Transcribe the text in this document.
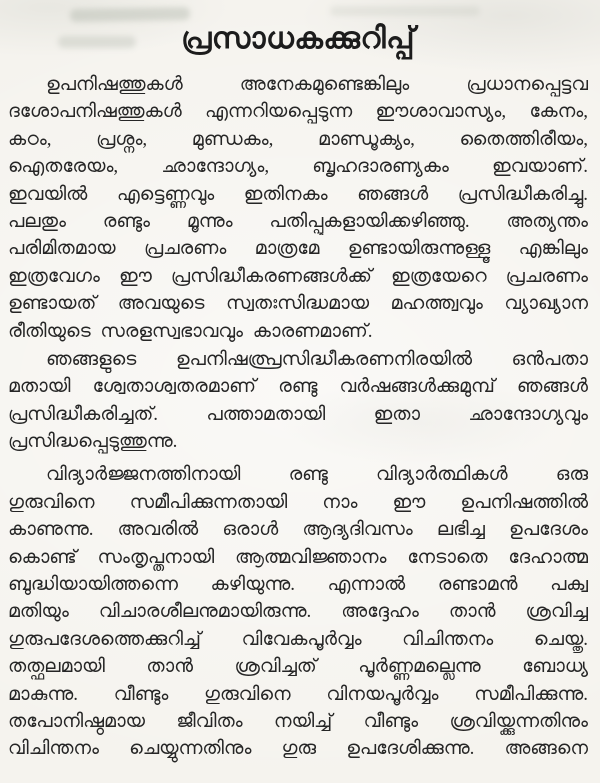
പ്രസാധകക്കുറിപ്പ്
ഉപനിഷത്തുകൾ അനേകമുണ്ടെങ്കിലും പ്രധാനപ്പെട്ടവ
ദശോപനിഷത്തുകൾ എന്നറിയപ്പെടുന്ന ഈശാവാസ്യം, കേനം,
കഠം, പ്രശ്നം, മുണ്ഡകം, മാണ്ഡൂക്യം, തൈത്തിരീയം,
ഐതരേയം, ഛാന്ദോഗ്യം, ബൃഹദാരണ്യകം ഇവയാണ്.
ഇവയിൽ എട്ടെണ്ണവും ഇതിനകം ഞങ്ങൾ പ്രസിദ്ധീകരിച്ചു.
പലതും രണ്ടും മൂന്നും പതിപ്പുകളായിക്കഴിഞ്ഞു. അത്യന്തം
പരിമിതമായ പ്രചരണം മാത്രമേ ഉണ്ടായിരുന്നുള്ളൂ എങ്കിലും
ഇത്രവേഗം ഈ പ്രസിദ്ധീകരണങ്ങൾക്ക് ഇത്രയേറെ പ്രചരണം
ഉണ്ടായത് അവയുടെ സ്വതഃസിദ്ധമായ മഹത്ത്വവും വ്യാഖ്യാന
രീതിയുടെ സരളസ്വഭാവവും കാരണമാണ്.
ഞങ്ങളുടെ ഉപനിഷത്പ്രസിദ്ധീകരണനിരയിൽ ഒൻപതാ
മതായി ശ്വേതാശ്വതരമാണ് രണ്ടു വർഷങ്ങൾക്കുമുമ്പ് ഞങ്ങൾ
പ്രസിദ്ധീകരിച്ചത്. പത്താമതായി ഇതാ ഛാന്ദോഗ്യവും
പ്രസിദ്ധപ്പെടുത്തുന്നു.
വിദ്യാർജ്ജനത്തിനായി രണ്ടു വിദ്യാർത്ഥികൾ ഒരു
ഗുരുവിനെ സമീപിക്കുന്നതായി നാം ഈ ഉപനിഷത്തിൽ
കാണുന്നു. അവരിൽ ഒരാൾ ആദ്യദിവസം ലഭിച്ച ഉപദേശം
കൊണ്ട് സംതൃപ്തനായി ആത്മവിജ്ഞാനം നേടാതെ ദേഹാത്മ
ബുദ്ധിയായിത്തന്നെ കഴിയുന്നു. എന്നാൽ രണ്ടാമൻ പക്വ
മതിയും വിചാരശീലനുമായിരുന്നു. അദ്ദേഹം താൻ ശ്രവിച്ച
ഗുരുപദേശത്തെക്കുറിച്ച് വിവേകപൂർവ്വം വിചിന്തനം ചെയ്തു.
തത്ഫലമായി താൻ ശ്രവിച്ചത് പൂർണ്ണമല്ലെന്നു ബോധ്യ
മാകുന്നു. വീണ്ടും ഗുരുവിനെ വിനയപൂർവ്വം സമീപിക്കുന്നു.
തപോനിഷ്ഠമായ ജീവിതം നയിച്ച് വീണ്ടും ശ്രവിയ്ക്കുന്നതിനും
വിചിന്തനം ചെയ്യുന്നതിനും ഗുരു ഉപദേശിക്കുന്നു. അങ്ങനെ
